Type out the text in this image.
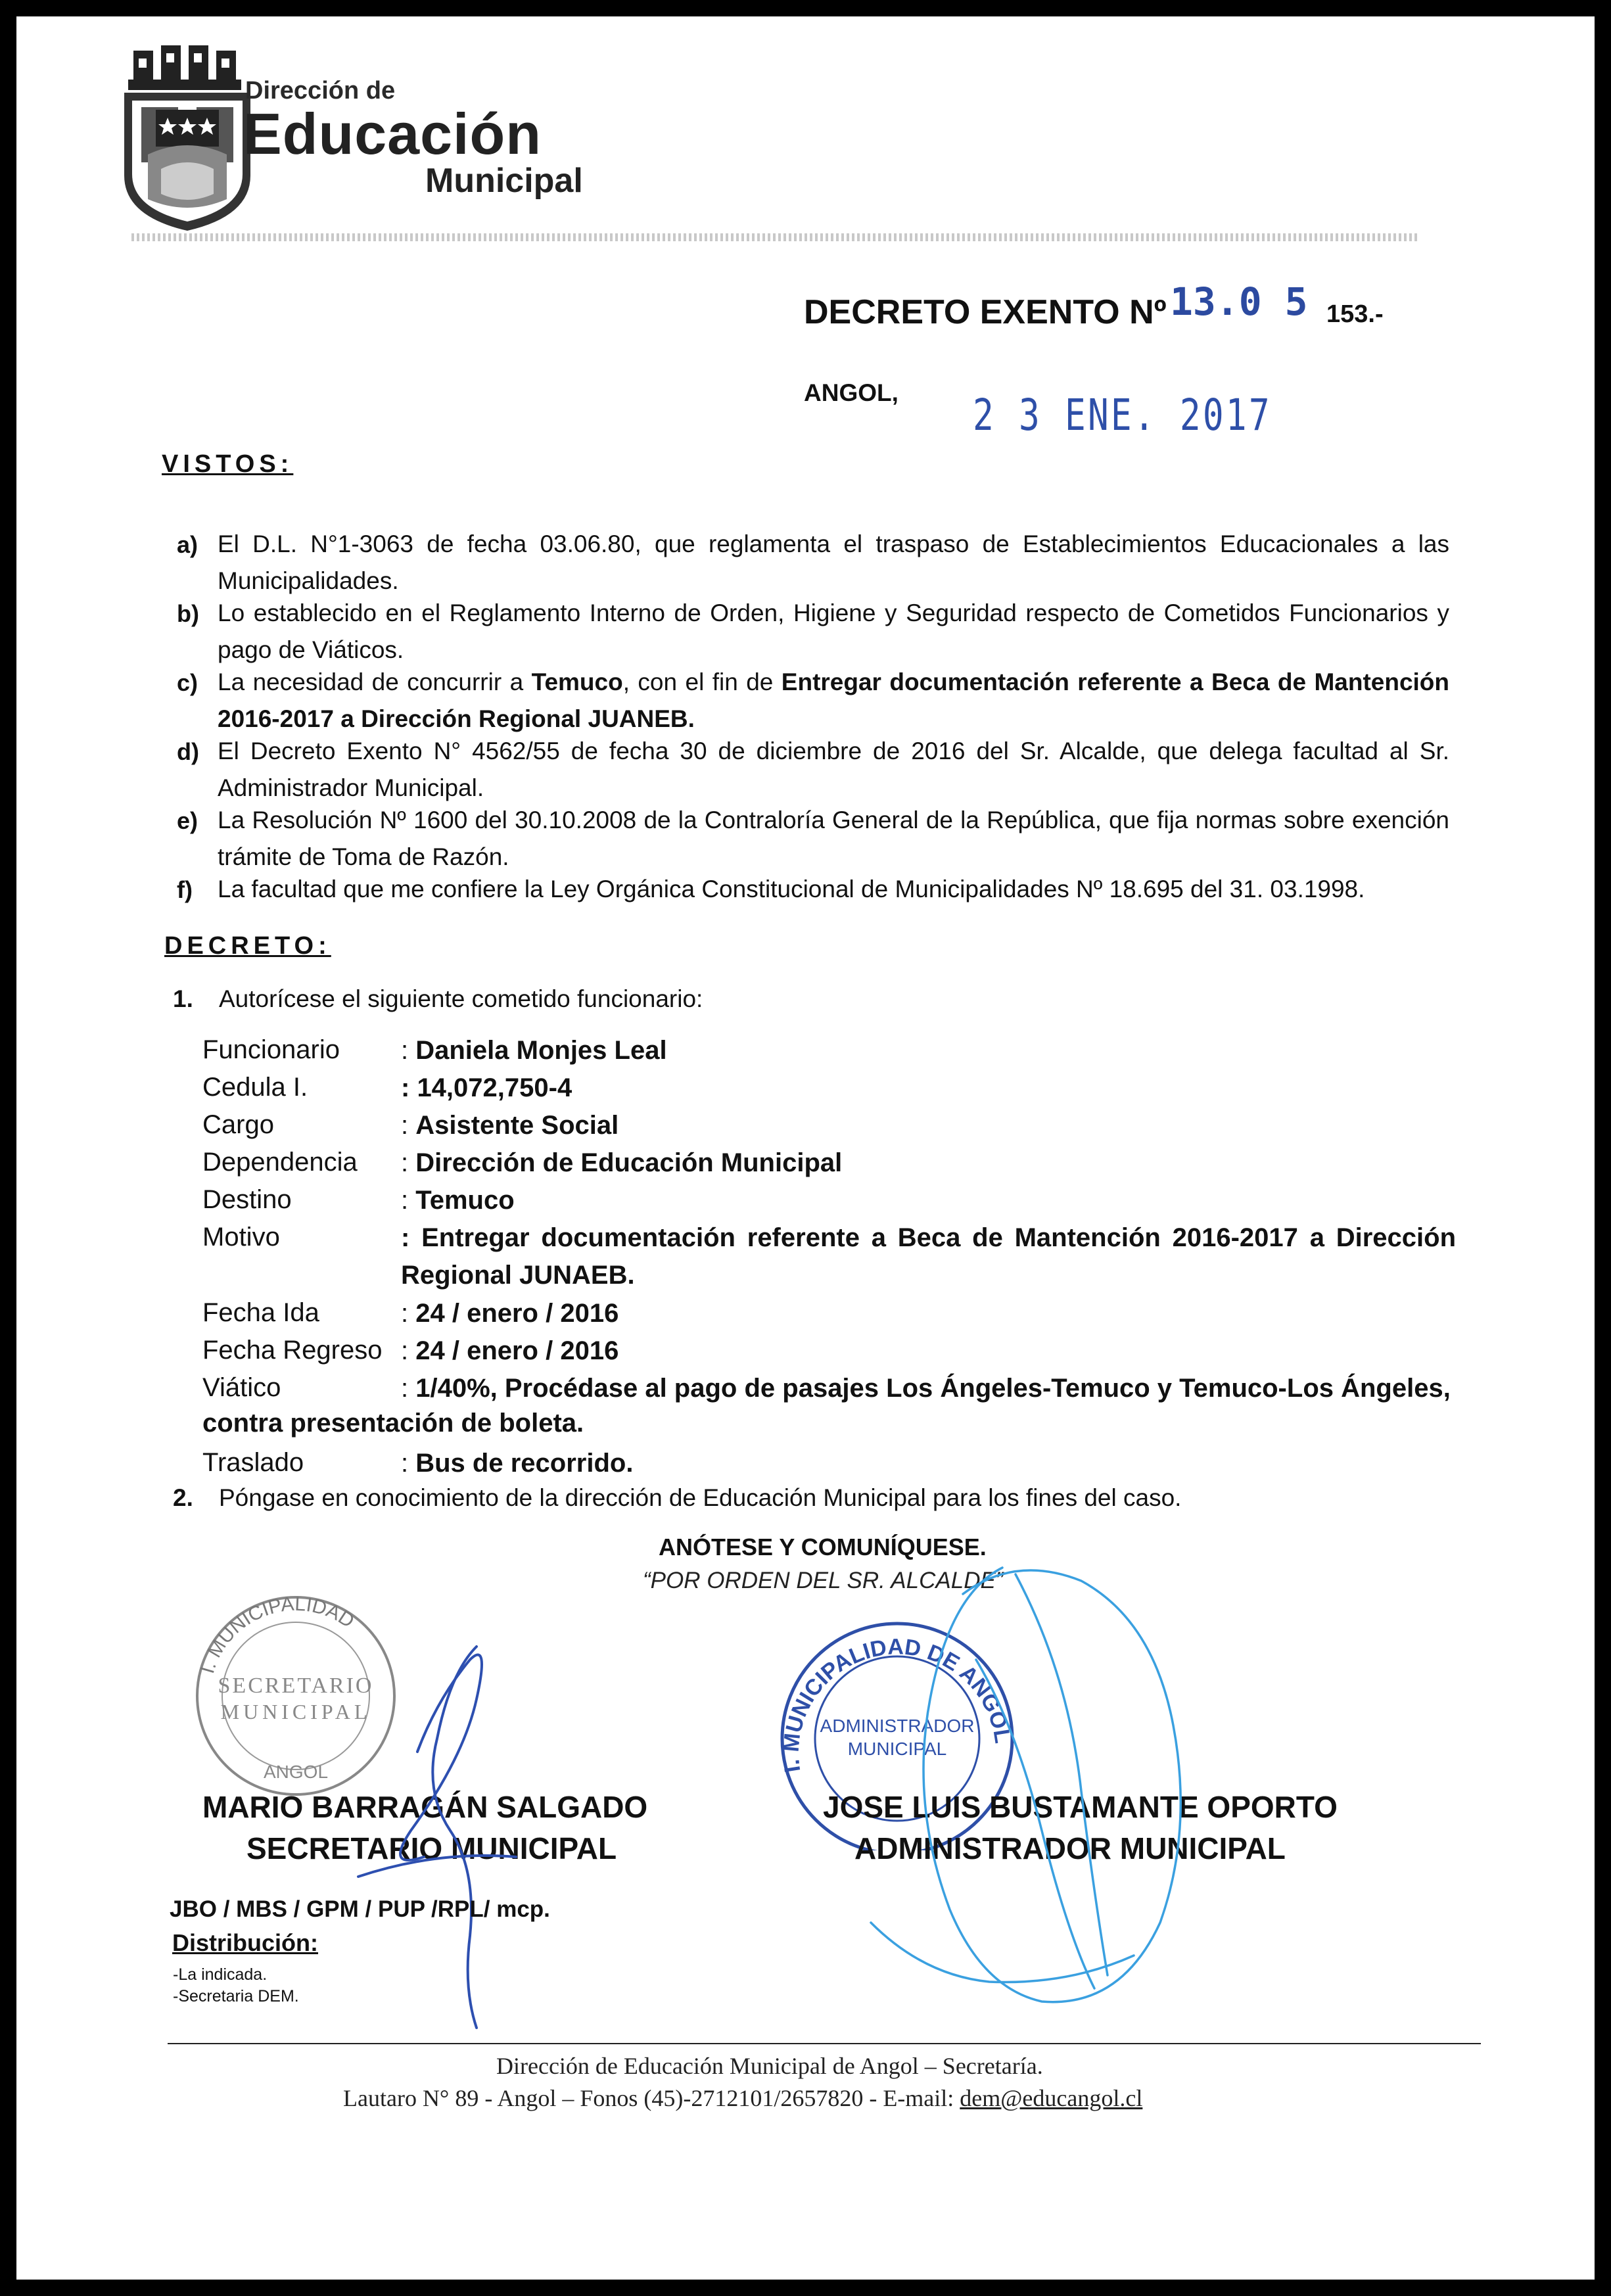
Dirección de
Educación
Municipal
DECRETO EXENTO Nº 13.0 5 153.-
ANGOL, 2 3 ENE. 2017
VISTOS:
a) El D.L. N°1-3063 de fecha 03.06.80, que reglamenta el traspaso de Establecimientos Educacionales a las Municipalidades.
b) Lo establecido en el Reglamento Interno de Orden, Higiene y Seguridad respecto de Cometidos Funcionarios y pago de Viáticos.
c) La necesidad de concurrir a Temuco, con el fin de Entregar documentación referente a Beca de Mantención 2016-2017 a Dirección Regional JUANEB.
d) El Decreto Exento N° 4562/55 de fecha 30 de diciembre de 2016 del Sr. Alcalde, que delega facultad al Sr. Administrador Municipal.
e) La Resolución Nº 1600 del 30.10.2008 de la Contraloría General de la República, que fija normas sobre exención trámite de Toma de Razón.
f) La facultad que me confiere la Ley Orgánica Constitucional de Municipalidades Nº 18.695 del 31. 03.1998.
DECRETO:
1. Autorícese el siguiente cometido funcionario:
Funcionario : Daniela Monjes Leal
Cedula I.	: 14,072,750-4
Cargo	: Asistente Social
Dependencia : Dirección de Educación Municipal
Destino	: Temuco
Motivo	: Entregar documentación referente a Beca de Mantención 2016-2017 a Dirección Regional JUNAEB.
Fecha Ida	: 24 / enero / 2016
Fecha Regreso : 24 / enero / 2016
Viático	: 1/40%, Procédase al pago de pasajes Los Ángeles-Temuco y Temuco-Los Ángeles,
contra presentación de boleta.
Traslado	: Bus de recorrido.
2. Póngase en conocimiento de la dirección de Educación Municipal para los fines del caso.
ANÓTESE Y COMUNÍQUESE.
“POR ORDEN DEL SR. ALCALDE”
I. MUNICIPALIDAD
SECRETARIO
MUNICIPAL
ANGOL	I. MUNICIPALIDAD DE ANGOL
ADMINISTRADOR
MUNICIPAL
MARIO BARRAGÁN SALGADO
SECRETARIO MUNICIPAL
JOSE LUIS BUSTAMANTE OPORTO
ADMINISTRADOR MUNICIPAL
JBO / MBS / GPM / PUP /RPL/ mcp.
Distribución:
-La indicada.
-Secretaria DEM.
Dirección de Educación Municipal de Angol – Secretaría.
Lautaro N° 89 - Angol – Fonos (45)-2712101/2657820 - E-mail: dem@educangol.cl
